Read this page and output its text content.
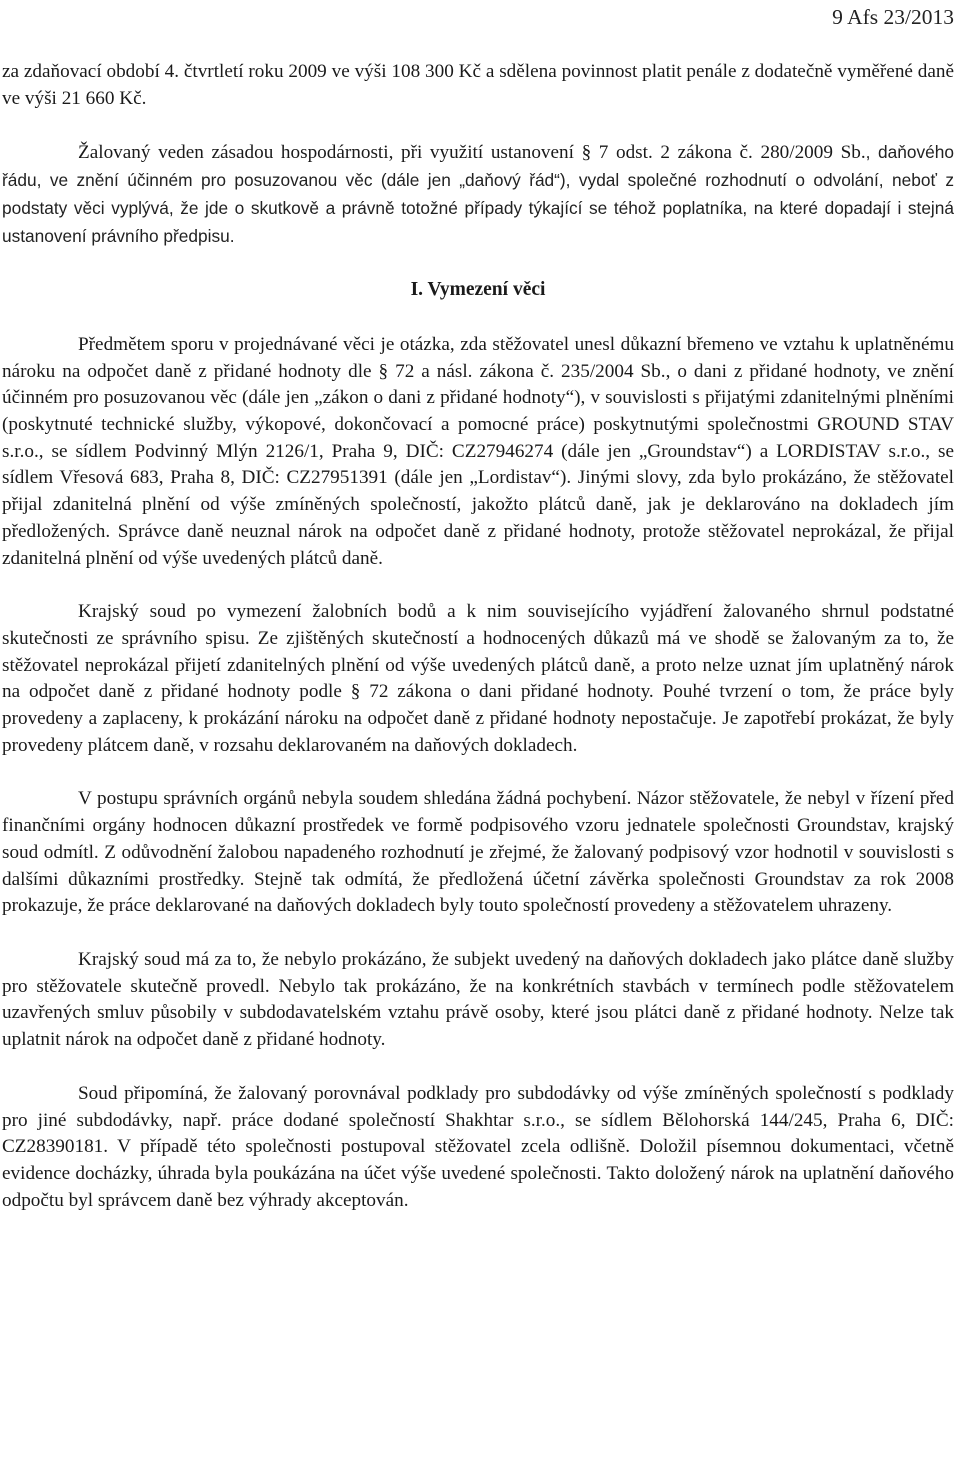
9 Afs 23/2013

za zdaňovací období 4. čtvrtletí roku 2009 ve výši 108 300 Kč a sdělena povinnost platit penále z dodatečně vyměřené daně ve výši 21 660 Kč.

Žalovaný veden zásadou hospodárnosti, při využití ustanovení § 7 odst. 2 zákona č. 280/2009 Sb., daňového řádu, ve znění účinném pro posuzovanou věc (dále jen „daňový řád“), vydal společné rozhodnutí o odvolání, neboť z podstaty věci vyplývá, že jde o skutkově a právně totožné případy týkající se téhož poplatníka, na které dopadají i stejná ustanovení právního předpisu.

I. Vymezení věci

Předmětem sporu v projednávané věci je otázka, zda stěžovatel unesl důkazní břemeno ve vztahu k uplatněnému nároku na odpočet daně z přidané hodnoty dle § 72 a násl. zákona č. 235/2004 Sb., o dani z přidané hodnoty, ve znění účinném pro posuzovanou věc (dále jen „zákon o dani z přidané hodnoty“), v souvislosti s přijatými zdanitelnými plněními (poskytnuté technické služby, výkopové, dokončovací a pomocné práce) poskytnutými společnostmi GROUND STAV s.r.o., se sídlem Podvinný Mlýn 2126/1, Praha 9, DIČ: CZ27946274 (dále jen „Groundstav“) a LORDISTAV s.r.o., se sídlem Vřesová 683, Praha 8, DIČ: CZ27951391 (dále jen „Lordistav“). Jinými slovy, zda bylo prokázáno, že stěžovatel přijal zdanitelná plnění od výše zmíněných společností, jakožto plátců daně, jak je deklarováno na dokladech jím předložených. Správce daně neuznal nárok na odpočet daně z přidané hodnoty, protože stěžovatel neprokázal, že přijal zdanitelná plnění od výše uvedených plátců daně.

Krajský soud po vymezení žalobních bodů a k nim souvisejícího vyjádření žalovaného shrnul podstatné skutečnosti ze správního spisu. Ze zjištěných skutečností a hodnocených důkazů má ve shodě se žalovaným za to, že stěžovatel neprokázal přijetí zdanitelných plnění od výše uvedených plátců daně, a proto nelze uznat jím uplatněný nárok na odpočet daně z přidané hodnoty podle § 72 zákona o dani přidané hodnoty. Pouhé tvrzení o tom, že práce byly provedeny a zaplaceny, k prokázání nároku na odpočet daně z přidané hodnoty nepostačuje. Je zapotřebí prokázat, že byly provedeny plátcem daně, v rozsahu deklarovaném na daňových dokladech.

V postupu správních orgánů nebyla soudem shledána žádná pochybení. Názor stěžovatele, že nebyl v řízení před finančními orgány hodnocen důkazní prostředek ve formě podpisového vzoru jednatele společnosti Groundstav, krajský soud odmítl. Z odůvodnění žalobou napadeného rozhodnutí je zřejmé, že žalovaný podpisový vzor hodnotil v souvislosti s dalšími důkazními prostředky. Stejně tak odmítá, že předložená účetní závěrka společnosti Groundstav za rok 2008 prokazuje, že práce deklarované na daňových dokladech byly touto společností provedeny a stěžovatelem uhrazeny.

Krajský soud má za to, že nebylo prokázáno, že subjekt uvedený na daňových dokladech jako plátce daně služby pro stěžovatele skutečně provedl. Nebylo tak prokázáno, že na konkrétních stavbách v termínech podle stěžovatelem uzavřených smluv působily v subdodavatelském vztahu právě osoby, které jsou plátci daně z přidané hodnoty. Nelze tak uplatnit nárok na odpočet daně z přidané hodnoty.

Soud připomíná, že žalovaný porovnával podklady pro subdodávky od výše zmíněných společností s podklady pro jiné subdodávky, např. práce dodané společností Shakhtar s.r.o., se sídlem Bělohorská 144/245, Praha 6, DIČ: CZ28390181. V případě této společnosti postupoval stěžovatel zcela odlišně. Doložil písemnou dokumentaci, včetně evidence docházky, úhrada byla poukázána na účet výše uvedené společnosti. Takto doložený nárok na uplatnění daňového odpočtu byl správcem daně bez výhrady akceptován.
